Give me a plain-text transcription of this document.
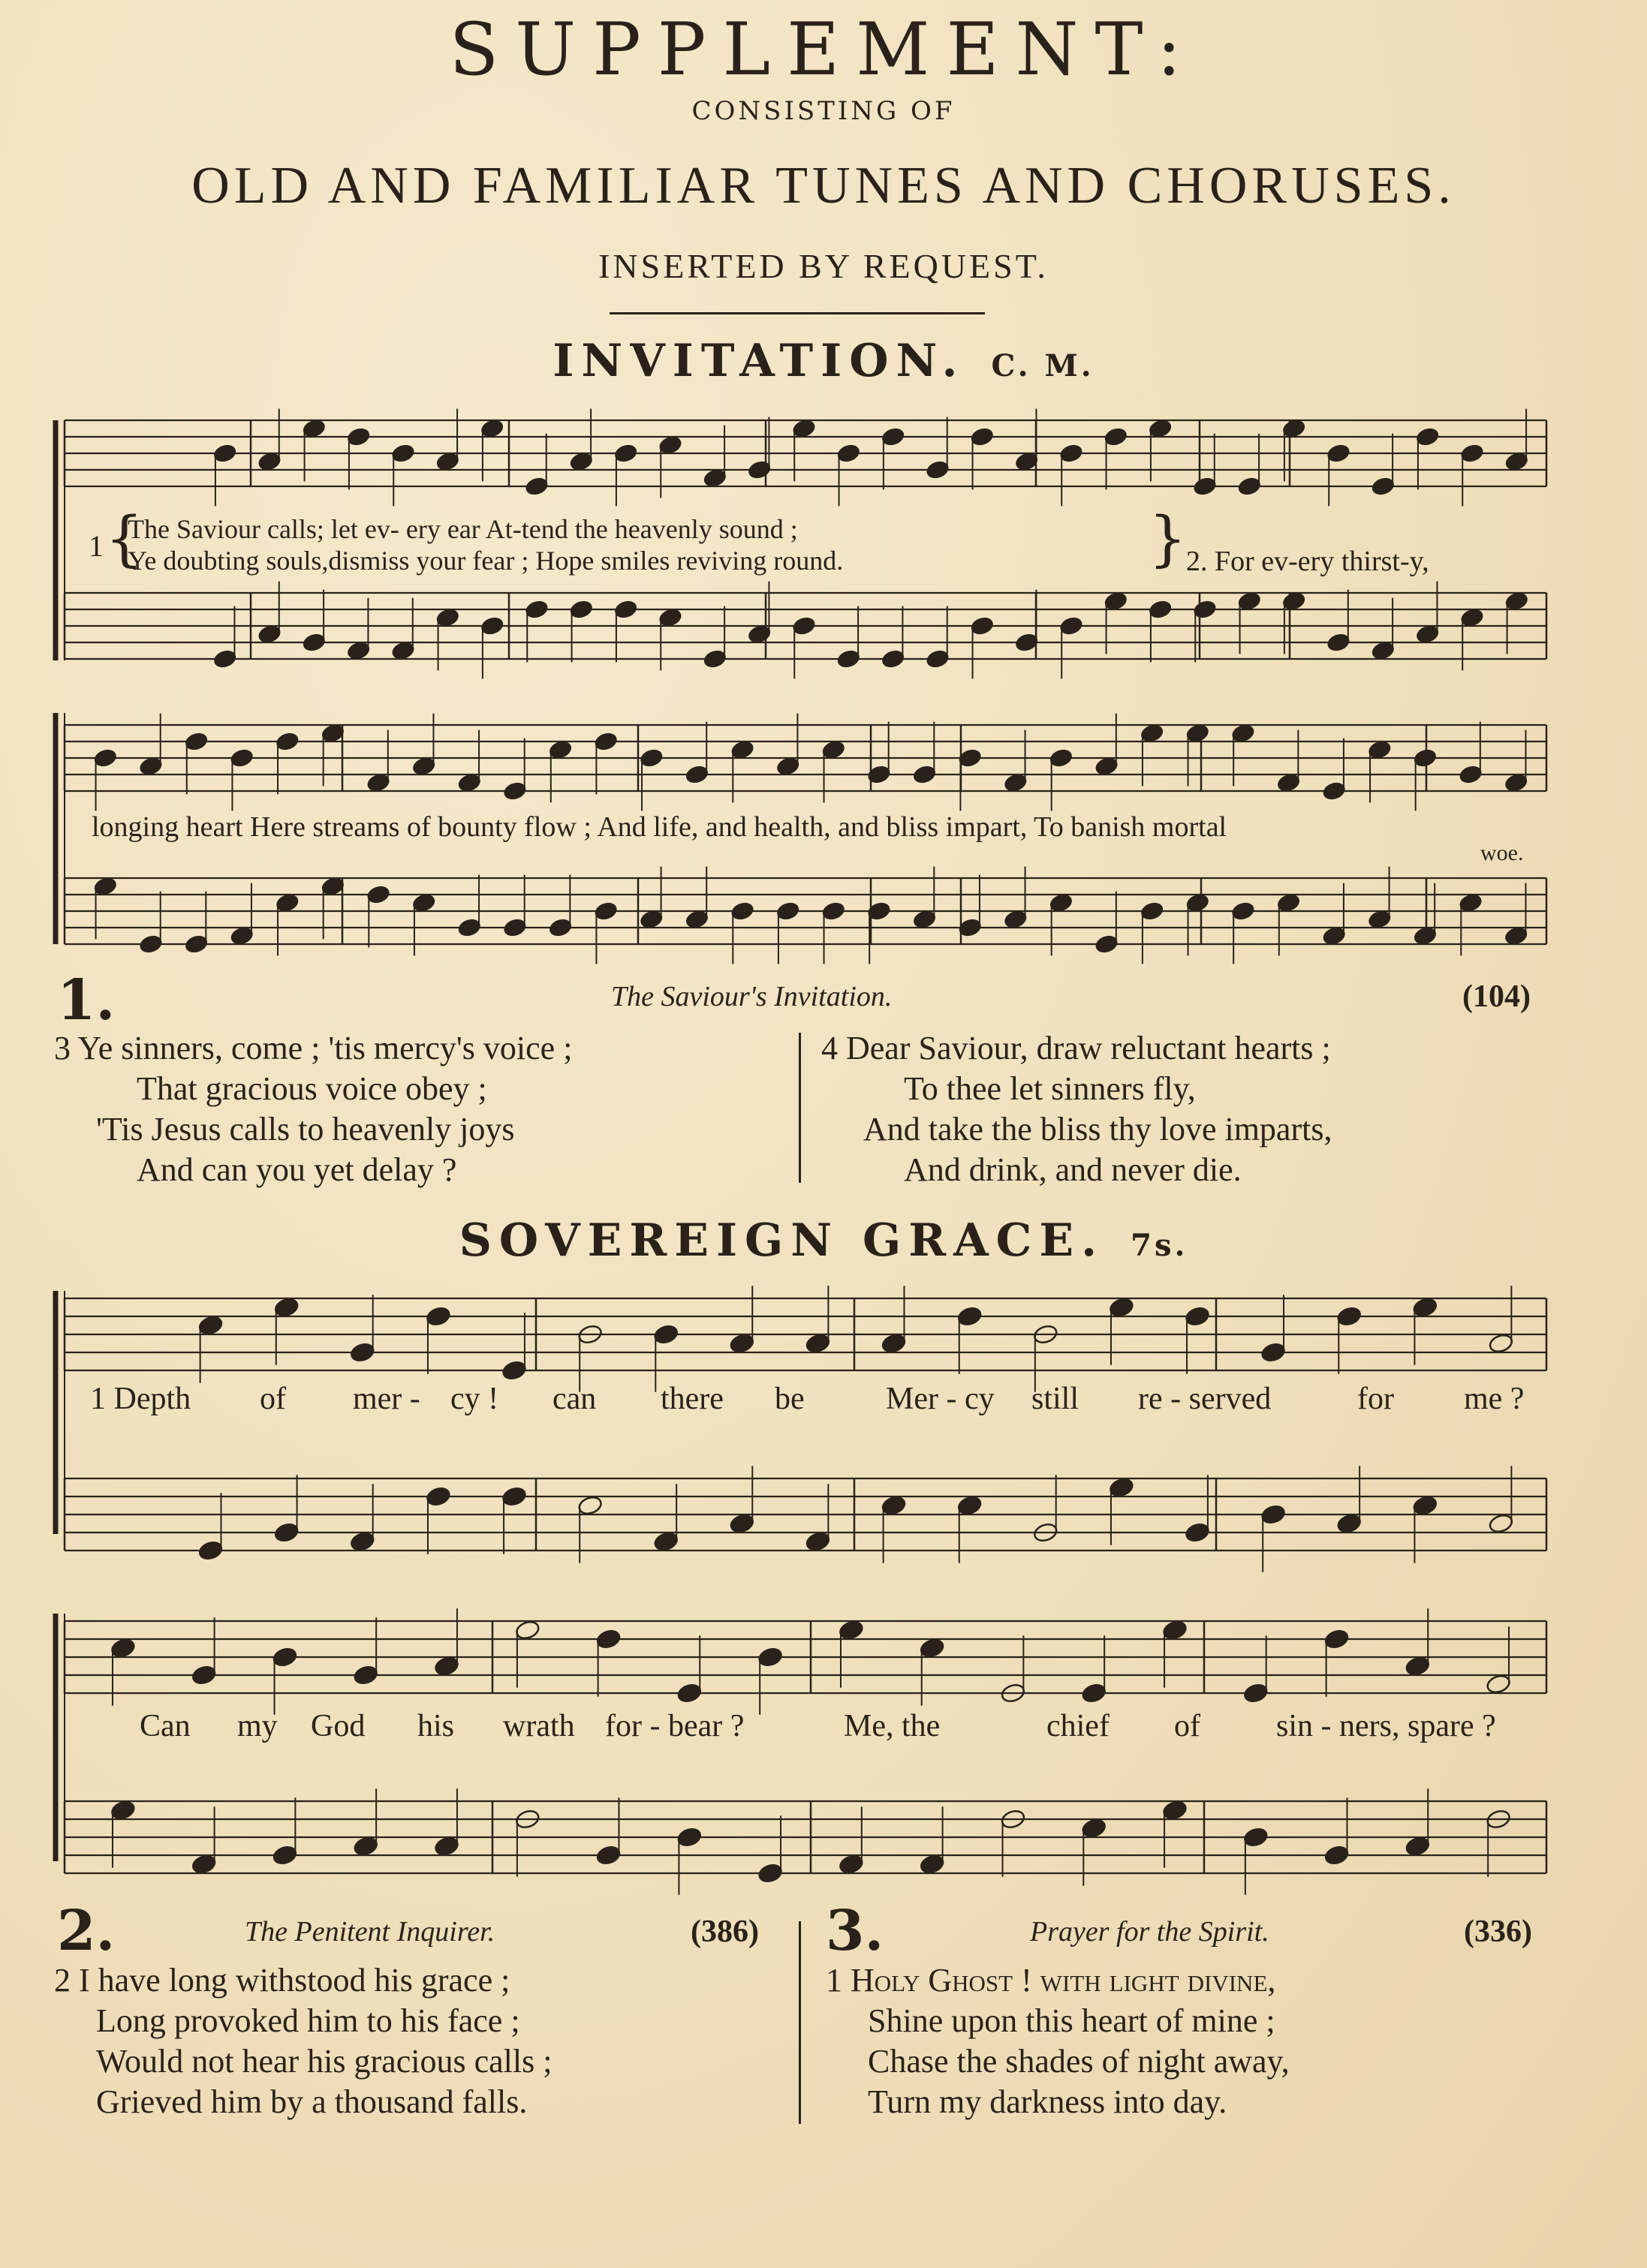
SUPPLEMENT:
CONSISTING OF
OLD AND FAMILIAR TUNES AND CHORUSES.
INSERTED BY REQUEST.
INVITATION. C. M.
The Saviour calls; let ev- ery ear At-tend the heavenly sound ;
Ye doubting souls,dismiss your fear ; Hope smiles reviving round.
1 {	} 2. For ev-ery thirst-y,
longing heart Here streams of bounty flow ; And life, and health, and bliss impart, To banish mortal
woe.
1.	The Saviour's Invitation.	(104)
3 Ye sinners, come ; 'tis mercy's voice ;
That gracious voice obey ;
'Tis Jesus calls to heavenly joys
And can you yet delay ?
4 Dear Saviour, draw reluctant hearts ;
To thee let sinners fly,
And take the bliss thy love imparts,
And drink, and never die.
SOVEREIGN GRACE. 7s.
1 Depth of mer - cy ! can there be	Mer - cy still re - served	for me ?
Can my God his wrath for - bear ?	Me, the	chief of sin - ners, spare ?
2.	The Penitent Inquirer.	(386)
2 I have long withstood his grace ;
Long provoked him to his face ;
Would not hear his gracious calls ;
Grieved him by a thousand falls.
3.	Prayer for the Spirit.	(336)
1 Holy Ghost ! with light divine,
Shine upon this heart of mine ;
Chase the shades of night away,
Turn my darkness into day.
